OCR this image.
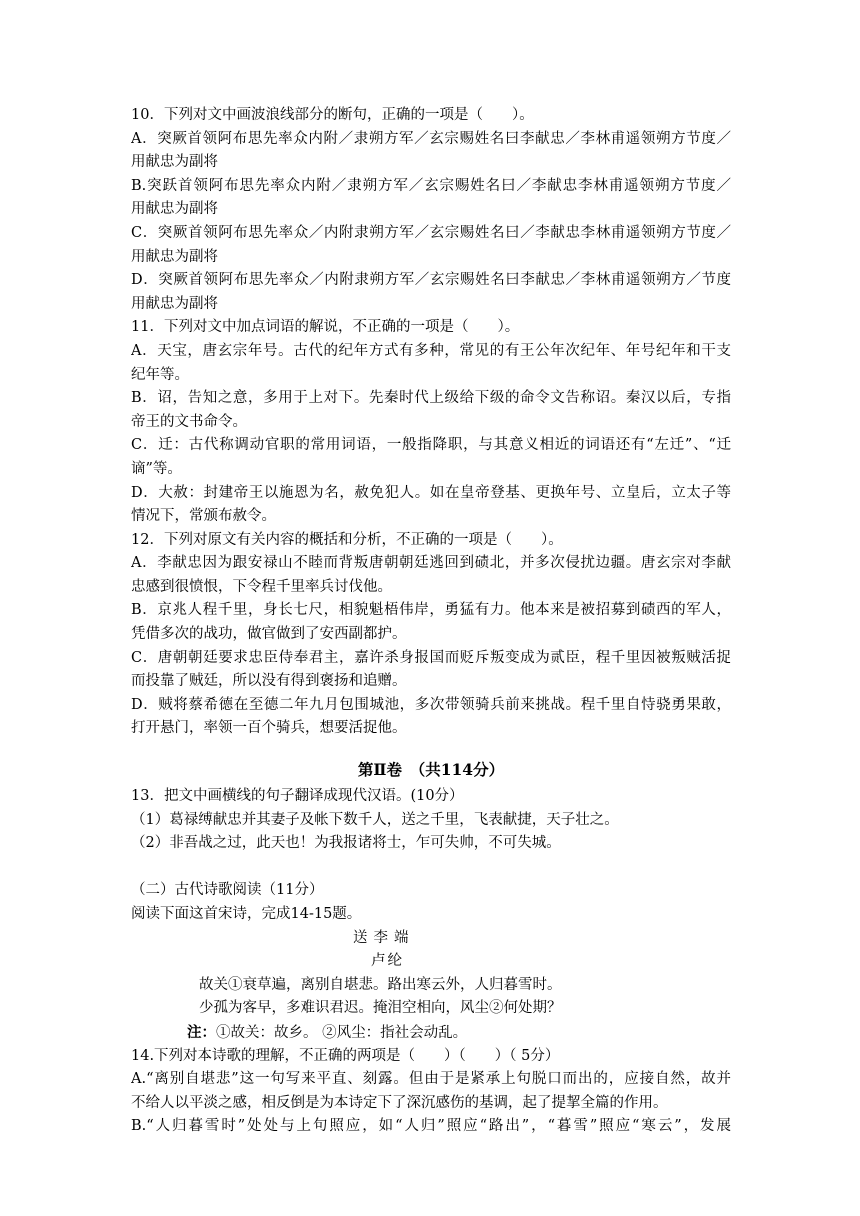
10．下列对文中画波浪线部分的断句，正确的一项是（　　）。
A．突厥首领阿布思先率众内附／隶朔方军／玄宗赐姓名曰李献忠／李林甫遥领朔方节度／
用献忠为副将
B.突跃首领阿布思先率众内附／隶朔方军／玄宗赐姓名曰／李献忠李林甫遥领朔方节度／
用献忠为副将
C．突厥首领阿布思先率众／内附隶朔方军／玄宗赐姓名曰／李献忠李林甫遥领朔方节度／
用献忠为副将
D．突厥首领阿布思先率众／内附隶朔方军／玄宗赐姓名曰李献忠／李林甫遥领朔方／节度
用献忠为副将
11．下列对文中加点词语的解说，不正确的一项是（　　）。
A．天宝，唐玄宗年号。古代的纪年方式有多种，常见的有王公年次纪年、年号纪年和干支
纪年等。
B．诏，告知之意，多用于上对下。先秦时代上级给下级的命令文告称诏。秦汉以后，专指
帝王的文书命令。
C．迁：古代称调动官职的常用词语，一般指降职，与其意义相近的词语还有“左迁”、“迁
谪”等。
D．大赦：封建帝王以施恩为名，赦免犯人。如在皇帝登基、更换年号、立皇后，立太子等
情况下，常颁布赦令。
12．下列对原文有关内容的概括和分析，不正确的一项是（　　）。
A．李献忠因为跟安禄山不睦而背叛唐朝朝廷逃回到碛北，并多次侵扰边疆。唐玄宗对李献
忠感到很愤恨，下令程千里率兵讨伐他。
B．京兆人程千里，身长七尺，相貌魁梧伟岸，勇猛有力。他本来是被招募到碛西的军人，
凭借多次的战功，做官做到了安西副都护。
C．唐朝朝廷要求忠臣侍奉君主，嘉许杀身报国而贬斥叛变成为贰臣，程千里因被叛贼活捉
而投靠了贼廷，所以没有得到褒扬和追赠。
D．贼将蔡希德在至德二年九月包围城池，多次带领骑兵前来挑战。程千里自恃骁勇果敢，
打开悬门，率领一百个骑兵，想要活捉他。
第Ⅱ卷　（共114分）
13．把文中画横线的句子翻译成现代汉语。(10分）
（1）葛禄缚献忠并其妻子及帐下数千人，送之千里，飞表献捷，天子壮之。
（2）非吾战之过，此天也！为我报诸将士，乍可失帅，不可失城。
（二）古代诗歌阅读（11分）
阅读下面这首宋诗，完成14-15题。
送李端
卢纶
故关①衰草遍，离别自堪悲。路出寒云外，人归暮雪时。
少孤为客早，多难识君迟。掩泪空相向，风尘②何处期？
注：①故关：故乡。 ②风尘：指社会动乱。
14.下列对本诗歌的理解，不正确的两项是（　　）（　　）（ 5分）
A.“离别自堪悲”这一句写来平直、刻露。但由于是紧承上句脱口而出的，应接自然，故并
不给人以平淡之感，相反倒是为本诗定下了深沉感伤的基调，起了提挈全篇的作用。
B.“人归暮雪时”处处与上句照应，如“人归”照应“路出”，“暮雪”照应“寒云”，发展
